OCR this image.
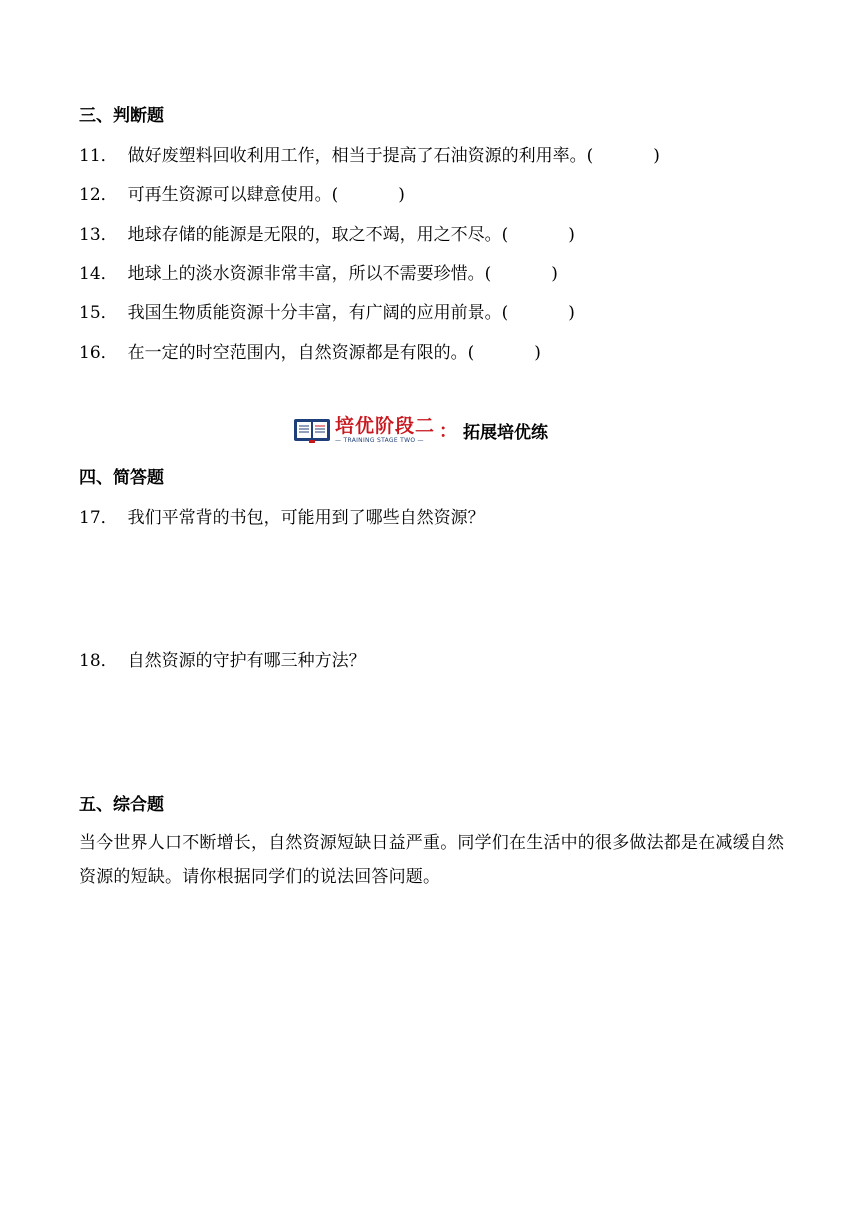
三、判断题
11． 做好废塑料回收利用工作，相当于提高了石油资源的利用率。(	)
12． 可再生资源可以肆意使用。(	)
13． 地球存储的能源是无限的，取之不竭，用之不尽。(	)
14． 地球上的淡水资源非常丰富，所以不需要珍惜。(	)
15． 我国生物质能资源十分丰富，有广阔的应用前景。(	)
16． 在一定的时空范围内，自然资源都是有限的。(	)
培优阶段二
— TRAINING STAGE TWO — ： 拓展培优练
四、简答题
17． 我们平常背的书包，可能用到了哪些自然资源？
18． 自然资源的守护有哪三种方法？
五、综合题
当今世界人口不断增长，自然资源短缺日益严重。同学们在生活中的很多做法都是在减缓自然资源的短缺。请你根据同学们的说法回答问题。
